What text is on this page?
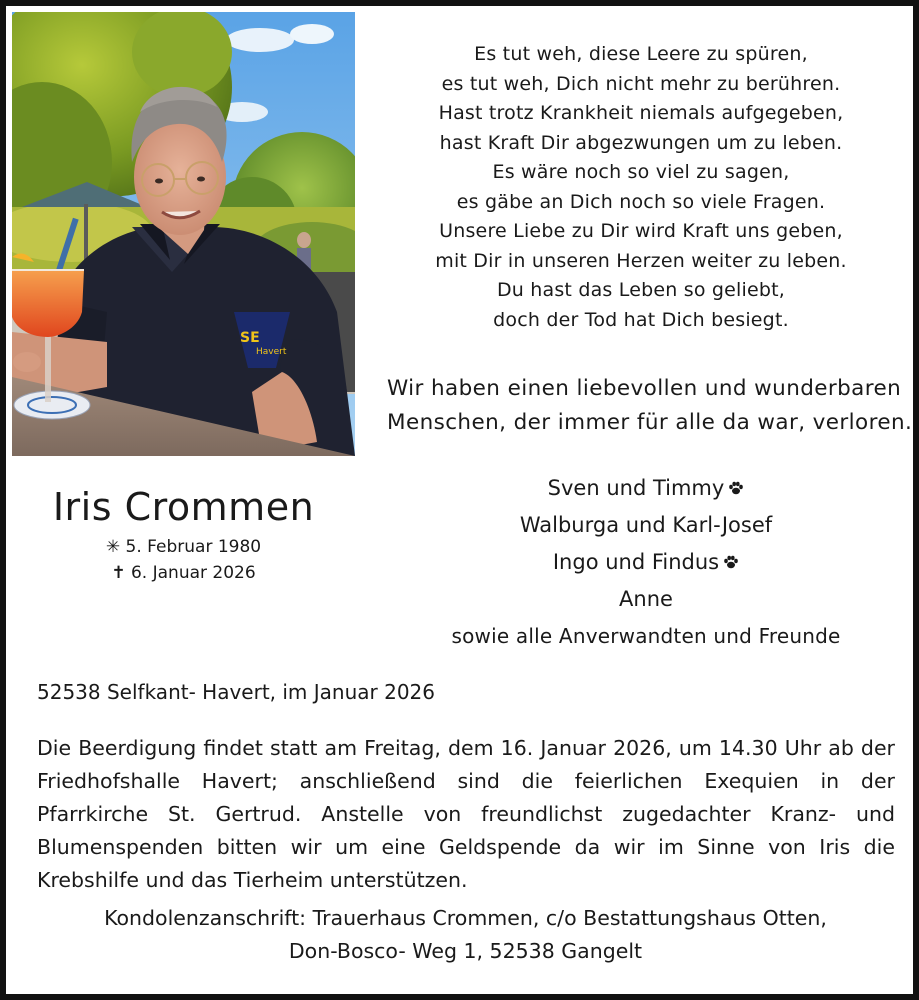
SE
Havert
Es tut weh, diese Leere zu spüren,
es tut weh, Dich nicht mehr zu berühren.
Hast trotz Krankheit niemals aufgegeben,
hast Kraft Dir abgezwungen um zu leben.
Es wäre noch so viel zu sagen,
es gäbe an Dich noch so viele Fragen.
Unsere Liebe zu Dir wird Kraft uns geben,
mit Dir in unseren Herzen weiter zu leben.
Du hast das Leben so geliebt,
doch der Tod hat Dich besiegt.
Wir haben einen liebevollen und wunderbaren
Menschen, der immer für alle da war, verloren.
Sven und Timmy
Walburga und Karl-Josef
Ingo und Findus
Anne
sowie alle Anverwandten und Freunde
Iris Crommen
✳ 5. Februar 1980
✝ 6. Januar 2026
52538 Selfkant- Havert, im Januar 2026
Die Beerdigung findet statt am Freitag, dem 16. Januar 2026, um 14.30 Uhr ab der
Friedhofshalle Havert; anschließend sind die feierlichen Exequien in der
Pfarrkirche St. Gertrud. Anstelle von freundlichst zugedachter Kranz- und
Blumenspenden bitten wir um eine Geldspende da wir im Sinne von Iris die
Krebshilfe und das Tierheim unterstützen.
Kondolenzanschrift: Trauerhaus Crommen, c/o Bestattungshaus Otten,
Don-Bosco- Weg 1, 52538 Gangelt
